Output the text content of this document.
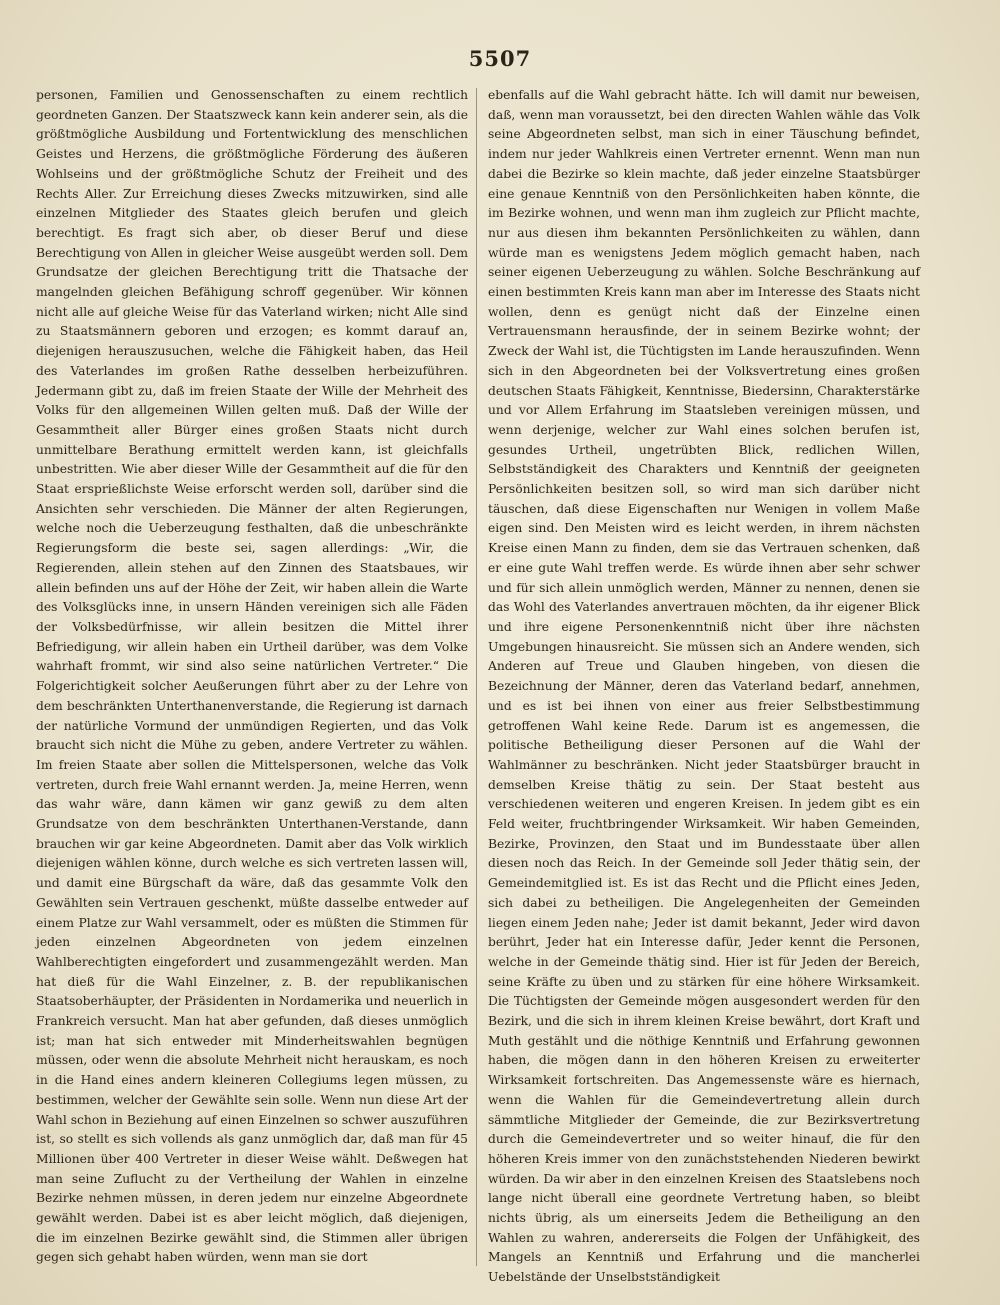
5507

personen, Familien und Genossenschaften zu einem rechtlich geordneten Ganzen. Der Staatszweck kann kein anderer sein, als die größtmögliche Ausbildung und Fortentwicklung des menschlichen Geistes und Herzens, die größtmögliche Förderung des äußeren Wohlseins und der größtmögliche Schutz der Freiheit und des Rechts Aller. Zur Erreichung dieses Zwecks mitzuwirken, sind alle einzelnen Mitglieder des Staates gleich berufen und gleich berechtigt. Es fragt sich aber, ob dieser Beruf und diese Berechtigung von Allen in gleicher Weise ausgeübt werden soll. Dem Grundsatze der gleichen Berechtigung tritt die Thatsache der mangelnden gleichen Befähigung schroff gegenüber. Wir können nicht alle auf gleiche Weise für das Vaterland wirken; nicht Alle sind zu Staatsmännern geboren und erzogen; es kommt darauf an, diejenigen herauszusuchen, welche die Fähigkeit haben, das Heil des Vaterlandes im großen Rathe desselben herbeizuführen. Jedermann gibt zu, daß im freien Staate der Wille der Mehrheit des Volks für den allgemeinen Willen gelten muß. Daß der Wille der Gesammtheit aller Bürger eines großen Staats nicht durch unmittelbare Berathung ermittelt werden kann, ist gleichfalls unbestritten. Wie aber dieser Wille der Gesammtheit auf die für den Staat ersprießlichste Weise erforscht werden soll, darüber sind die Ansichten sehr verschieden. Die Männer der alten Regierungen, welche noch die Ueberzeugung festhalten, daß die unbeschränkte Regierungsform die beste sei, sagen allerdings: „Wir, die Regierenden, allein stehen auf den Zinnen des Staatsbaues, wir allein befinden uns auf der Höhe der Zeit, wir haben allein die Warte des Volksglücks inne, in unsern Händen vereinigen sich alle Fäden der Volksbedürfnisse, wir allein besitzen die Mittel ihrer Befriedigung, wir allein haben ein Urtheil darüber, was dem Volke wahrhaft frommt, wir sind also seine natürlichen Vertreter.“ Die Folgerichtigkeit solcher Aeußerungen führt aber zu der Lehre von dem beschränkten Unterthanenverstande, die Regierung ist darnach der natürliche Vormund der unmündigen Regierten, und das Volk braucht sich nicht die Mühe zu geben, andere Vertreter zu wählen. Im freien Staate aber sollen die Mittelspersonen, welche das Volk vertreten, durch freie Wahl ernannt werden. Ja, meine Herren, wenn das wahr wäre, dann kämen wir ganz gewiß zu dem alten Grundsatze von dem beschränkten Unterthanen-Verstande, dann brauchen wir gar keine Abgeordneten. Damit aber das Volk wirklich diejenigen wählen könne, durch welche es sich vertreten lassen will, und damit eine Bürgschaft da wäre, daß das gesammte Volk den Gewählten sein Vertrauen geschenkt, müßte dasselbe entweder auf einem Platze zur Wahl versammelt, oder es müßten die Stimmen für jeden einzelnen Abgeordneten von jedem einzelnen Wahlberechtigten eingefordert und zusammengezählt werden. Man hat dieß für die Wahl Einzelner, z. B. der republikanischen Staatsoberhäupter, der Präsidenten in Nordamerika und neuerlich in Frankreich versucht. Man hat aber gefunden, daß dieses unmöglich ist; man hat sich entweder mit Minderheitswahlen begnügen müssen, oder wenn die absolute Mehrheit nicht herauskam, es noch in die Hand eines andern kleineren Collegiums legen müssen, zu bestimmen, welcher der Gewählte sein solle. Wenn nun diese Art der Wahl schon in Beziehung auf einen Einzelnen so schwer auszuführen ist, so stellt es sich vollends als ganz unmöglich dar, daß man für 45 Millionen über 400 Vertreter in dieser Weise wählt. Deßwegen hat man seine Zuflucht zu der Vertheilung der Wahlen in einzelne Bezirke nehmen müssen, in deren jedem nur einzelne Abgeordnete gewählt werden. Dabei ist es aber leicht möglich, daß diejenigen, die im einzelnen Bezirke gewählt sind, die Stimmen aller übrigen gegen sich gehabt haben würden, wenn man sie dort

ebenfalls auf die Wahl gebracht hätte. Ich will damit nur beweisen, daß, wenn man voraussetzt, bei den directen Wahlen wähle das Volk seine Abgeordneten selbst, man sich in einer Täuschung befindet, indem nur jeder Wahlkreis einen Vertreter ernennt. Wenn man nun dabei die Bezirke so klein machte, daß jeder einzelne Staatsbürger eine genaue Kenntniß von den Persönlichkeiten haben könnte, die im Bezirke wohnen, und wenn man ihm zugleich zur Pflicht machte, nur aus diesen ihm bekannten Persönlichkeiten zu wählen, dann würde man es wenigstens Jedem möglich gemacht haben, nach seiner eigenen Ueberzeugung zu wählen. Solche Beschränkung auf einen bestimmten Kreis kann man aber im Interesse des Staats nicht wollen, denn es genügt nicht daß der Einzelne einen Vertrauensmann herausfinde, der in seinem Bezirke wohnt; der Zweck der Wahl ist, die Tüchtigsten im Lande herauszufinden. Wenn sich in den Abgeordneten bei der Volksvertretung eines großen deutschen Staats Fähigkeit, Kenntnisse, Biedersinn, Charakterstärke und vor Allem Erfahrung im Staatsleben vereinigen müssen, und wenn derjenige, welcher zur Wahl eines solchen berufen ist, gesundes Urtheil, ungetrübten Blick, redlichen Willen, Selbstständigkeit des Charakters und Kenntniß der geeigneten Persönlichkeiten besitzen soll, so wird man sich darüber nicht täuschen, daß diese Eigenschaften nur Wenigen in vollem Maße eigen sind. Den Meisten wird es leicht werden, in ihrem nächsten Kreise einen Mann zu finden, dem sie das Vertrauen schenken, daß er eine gute Wahl treffen werde. Es würde ihnen aber sehr schwer und für sich allein unmöglich werden, Männer zu nennen, denen sie das Wohl des Vaterlandes anvertrauen möchten, da ihr eigener Blick und ihre eigene Personenkenntniß nicht über ihre nächsten Umgebungen hinausreicht. Sie müssen sich an Andere wenden, sich Anderen auf Treue und Glauben hingeben, von diesen die Bezeichnung der Männer, deren das Vaterland bedarf, annehmen, und es ist bei ihnen von einer aus freier Selbstbestimmung getroffenen Wahl keine Rede. Darum ist es angemessen, die politische Betheiligung dieser Personen auf die Wahl der Wahlmänner zu beschränken. Nicht jeder Staatsbürger braucht in demselben Kreise thätig zu sein. Der Staat besteht aus verschiedenen weiteren und engeren Kreisen. In jedem gibt es ein Feld weiter, fruchtbringender Wirksamkeit. Wir haben Gemeinden, Bezirke, Provinzen, den Staat und im Bundesstaate über allen diesen noch das Reich. In der Gemeinde soll Jeder thätig sein, der Gemeindemitglied ist. Es ist das Recht und die Pflicht eines Jeden, sich dabei zu betheiligen. Die Angelegenheiten der Gemeinden liegen einem Jeden nahe; Jeder ist damit bekannt, Jeder wird davon berührt, Jeder hat ein Interesse dafür, Jeder kennt die Personen, welche in der Gemeinde thätig sind. Hier ist für Jeden der Bereich, seine Kräfte zu üben und zu stärken für eine höhere Wirksamkeit. Die Tüchtigsten der Gemeinde mögen ausgesondert werden für den Bezirk, und die sich in ihrem kleinen Kreise bewährt, dort Kraft und Muth gestählt und die nöthige Kenntniß und Erfahrung gewonnen haben, die mögen dann in den höheren Kreisen zu erweiterter Wirksamkeit fortschreiten. Das Angemessenste wäre es hiernach, wenn die Wahlen für die Gemeindevertretung allein durch sämmtliche Mitglieder der Gemeinde, die zur Bezirksvertretung durch die Gemeindevertreter und so weiter hinauf, die für den höheren Kreis immer von den zunächststehenden Niederen bewirkt würden. Da wir aber in den einzelnen Kreisen des Staatslebens noch lange nicht überall eine geordnete Vertretung haben, so bleibt nichts übrig, als um einerseits Jedem die Betheiligung an den Wahlen zu wahren, andererseits die Folgen der Unfähigkeit, des Mangels an Kenntniß und Erfahrung und die mancherlei Uebelstände der Unselbstständigkeit
